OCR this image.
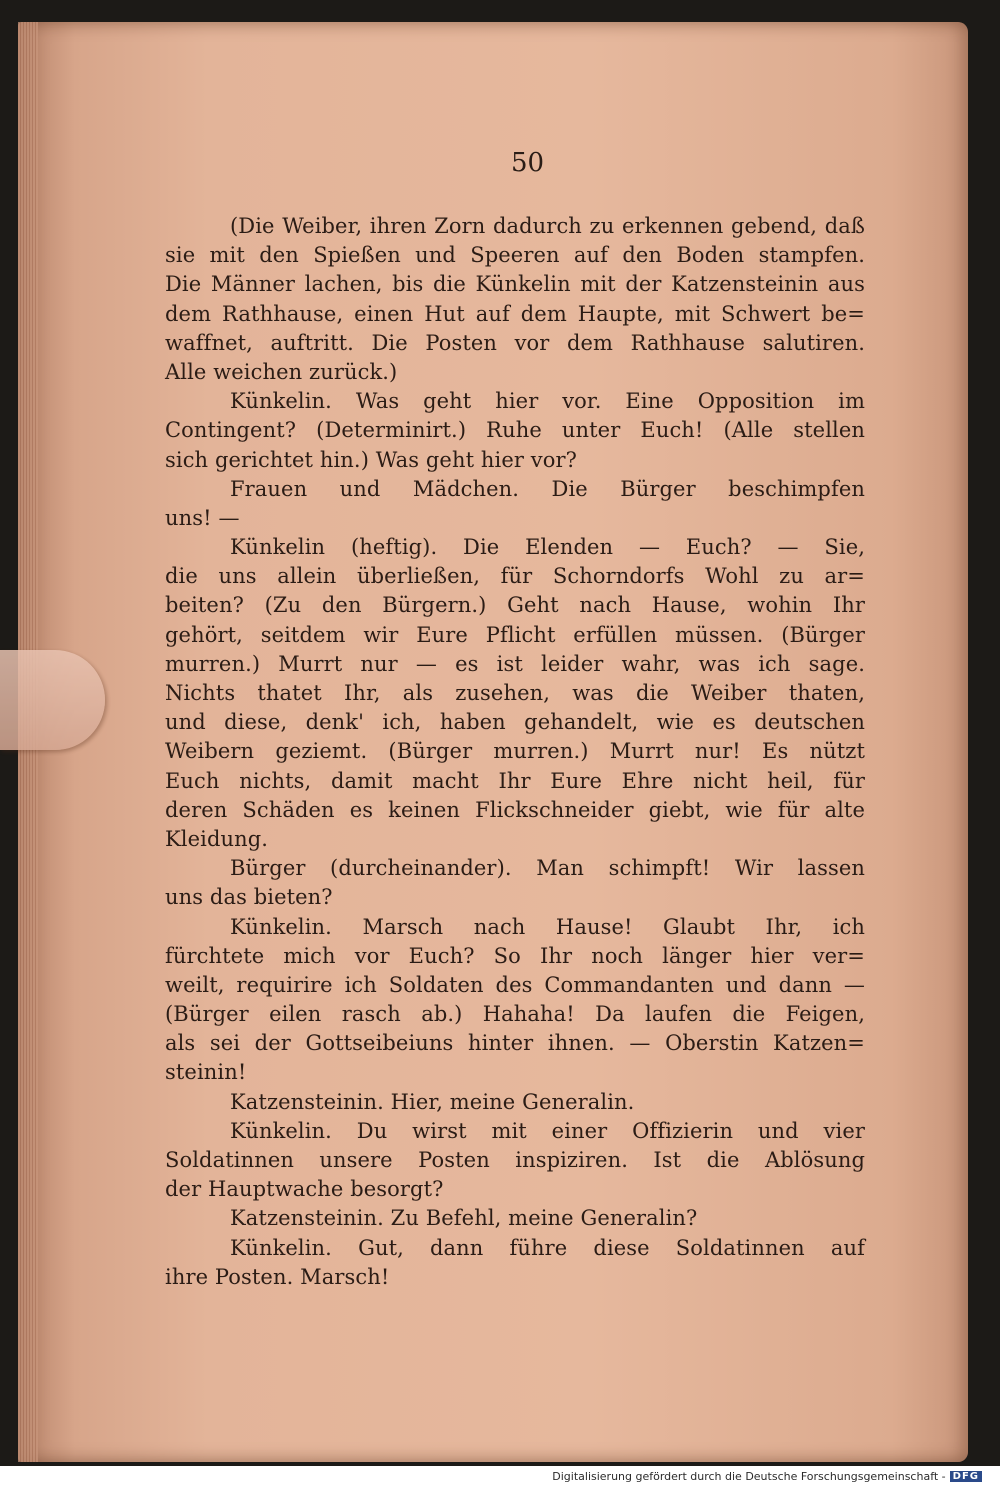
50
(Die Weiber, ihren Zorn dadurch zu erkennen gebend, daß
sie mit den Spießen und Speeren auf den Boden stampfen.
Die Männer lachen, bis die Künkelin mit der Katzensteinin aus
dem Rathhause, einen Hut auf dem Haupte, mit Schwert be=
waffnet, auftritt. Die Posten vor dem Rathhause salutiren.
Alle weichen zurück.)
Künkelin. Was geht hier vor. Eine Opposition im
Contingent? (Determinirt.) Ruhe unter Euch! (Alle stellen
sich gerichtet hin.) Was geht hier vor?
Frauen und Mädchen. Die Bürger beschimpfen
uns! —
Künkelin (heftig). Die Elenden — Euch? — Sie,
die uns allein überließen, für Schorndorfs Wohl zu ar=
beiten? (Zu den Bürgern.) Geht nach Hause, wohin Ihr
gehört, seitdem wir Eure Pflicht erfüllen müssen. (Bürger
murren.) Murrt nur — es ist leider wahr, was ich sage.
Nichts thatet Ihr, als zusehen, was die Weiber thaten,
und diese, denk' ich, haben gehandelt, wie es deutschen
Weibern geziemt. (Bürger murren.) Murrt nur! Es nützt
Euch nichts, damit macht Ihr Eure Ehre nicht heil, für
deren Schäden es keinen Flickschneider giebt, wie für alte
Kleidung.
Bürger (durcheinander). Man schimpft! Wir lassen
uns das bieten?
Künkelin. Marsch nach Hause! Glaubt Ihr, ich
fürchtete mich vor Euch? So Ihr noch länger hier ver=
weilt, requirire ich Soldaten des Commandanten und dann —
(Bürger eilen rasch ab.) Hahaha! Da laufen die Feigen,
als sei der Gottseibeiuns hinter ihnen. — Oberstin Katzen=
steinin!
Katzensteinin. Hier, meine Generalin.
Künkelin. Du wirst mit einer Offizierin und vier
Soldatinnen unsere Posten inspiziren. Ist die Ablösung
der Hauptwache besorgt?
Katzensteinin. Zu Befehl, meine Generalin?
Künkelin. Gut, dann führe diese Soldatinnen auf
ihre Posten. Marsch!
Digitalisierung gefördert durch die Deutsche Forschungsgemeinschaft - DFG
